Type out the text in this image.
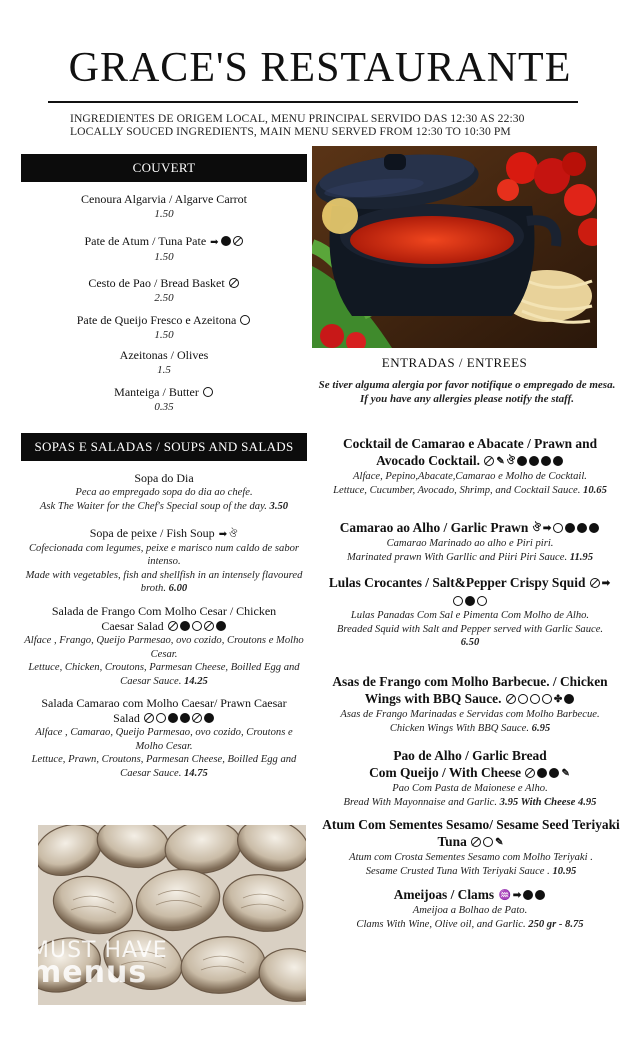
GRACE'S RESTAURANTE
INGREDIENTES DE ORIGEM LOCAL, MENU PRINCIPAL SERVIDO DAS 12:30 AS 22:30
LOCALLY SOUCED INGREDIENTS, MAIN MENU SERVED FROM 12:30 TO 10:30 PM
COUVERT
Cenoura Algarvia / Algarve Carrot
1.50
Pate de Atum / Tuna Pate ➡
1.50
Cesto de Pao / Bread Basket
2.50
Pate de Queijo Fresco e Azeitona
1.50
Azeitonas / Olives
1.5
Manteiga / Butter
0.35
SOPAS E SALADAS / SOUPS AND SALADS
Sopa do Dia
Peca ao empregado sopa do dia ao chefe.
Ask The Waiter for the Chef's Special soup of the day. 3.50
Sopa de peixe / Fish Soup ➡ ঔ
Cofecionada com legumes, peixe e marisco num caldo de sabor intenso.
Made with vegetables, fish and shellfish in an intensely flavoured broth. 6.00
Salada de Frango Com Molho Cesar / Chicken
Caesar Salad
Alface , Frango, Queijo Parmesao, ovo cozido, Croutons e Molho Cesar.
Lettuce, Chicken, Croutons, Parmesan Cheese, Boilled Egg and Caesar Sauce. 14.25
Salada Camarao com Molho Caesar/ Prawn Caesar
Salad
Alface , Camarao, Queijo Parmesao, ovo cozido, Croutons e Molho Cesar.
Lettuce, Prawn, Croutons, Parmesan Cheese, Boilled Egg and Caesar Sauce. 14.75
ENTRADAS / ENTREES
Se tiver alguma alergia por favor notifique o empregado de mesa.
If you have any allergies please notify the staff.
Cocktail de Camarao e Abacate / Prawn and
Avocado Cocktail. ✎ ঔ
Alface, Pepino,Abacate,Camarao e Molho de Cocktail.
Lettuce, Cucumber, Avocado, Shrimp, and Cocktail Sauce. 10.65
Camarao ao Alho / Garlic Prawn ঔ ➡
Camarao Marinado ao alho e Piri piri.
Marinated prawn With Garllic and Piiri Piri Sauce. 11.95
Lulas Crocantes / Salt&Pepper Crispy Squid ➡
Lulas Panadas Com Sal e Pimenta Com Molho de Alho.
Breaded Squid with Salt and Pepper served with Garlic Sauce.
6.50
Asas de Frango com Molho Barbecue. / Chicken
Wings with BBQ Sauce.	✤
Asas de Frango Marinadas e Servidas com Molho Barbecue.
Chicken Wings With BBQ Sauce. 6.95
Pao de Alho / Garlic Bread
Com Queijo / With Cheese	✎
Pao Com Pasta de Maionese e Alho.
Bread With Mayonnaise and Garlic. 3.95 With Cheese 4.95
Atum Com Sementes Sesamo/ Sesame Seed Teriyaki
Tuna	✎
Atum com Crosta Sementes Sesamo com Molho Teriyaki .
Sesame Crusted Tuna With Teriyaki Sauce . 10.95
Ameijoas / Clams ♒ ➡
Ameijoa a Bolhao de Pato.
Clams With Wine, Olive oil, and Garlic. 250 gr - 8.75
MUST HAVE
menus
